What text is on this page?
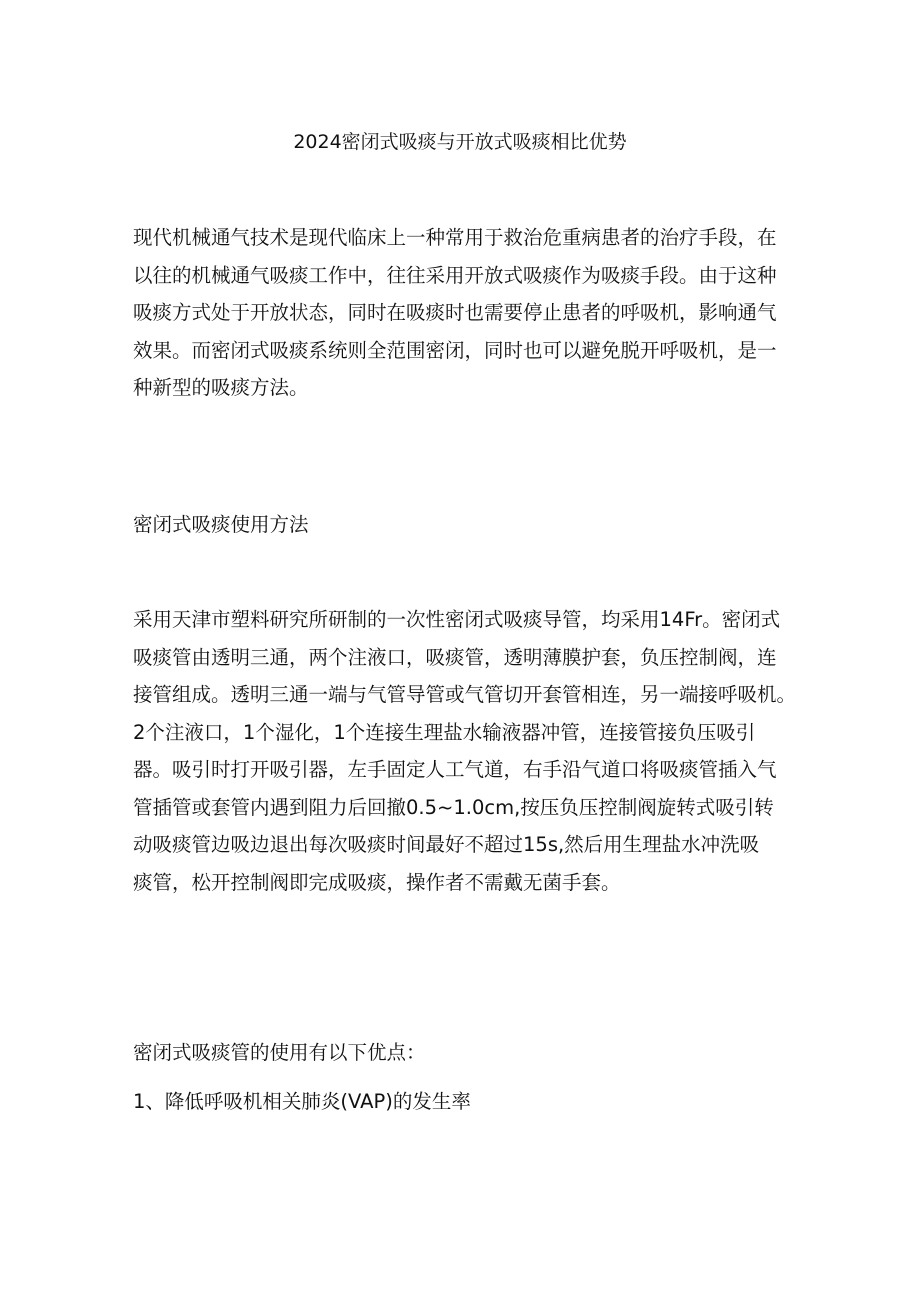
2024密闭式吸痰与开放式吸痰相比优势
现代机械通气技术是现代临床上一种常用于救治危重病患者的治疗手段，在
以往的机械通气吸痰工作中，往往采用开放式吸痰作为吸痰手段。由于这种
吸痰方式处于开放状态，同时在吸痰时也需要停止患者的呼吸机，影响通气
效果。而密闭式吸痰系统则全范围密闭，同时也可以避免脱开呼吸机，是一
种新型的吸痰方法。
密闭式吸痰使用方法
采用天津市塑料研究所研制的一次性密闭式吸痰导管，均采用14Fr。密闭式
吸痰管由透明三通，两个注液口，吸痰管，透明薄膜护套，负压控制阀，连
接管组成。透明三通一端与气管导管或气管切开套管相连，另一端接呼吸机。
2个注液口，1个湿化，1个连接生理盐水输液器冲管，连接管接负压吸引
器。吸引时打开吸引器，左手固定人工气道，右手沿气道口将吸痰管插入气
管插管或套管内遇到阻力后回撤0.5~1.0cm,按压负压控制阀旋转式吸引转
动吸痰管边吸边退出每次吸痰时间最好不超过15s,然后用生理盐水冲洗吸
痰管，松开控制阀即完成吸痰，操作者不需戴无菌手套。
密闭式吸痰管的使用有以下优点：
1、降低呼吸机相关肺炎(VAP)的发生率
